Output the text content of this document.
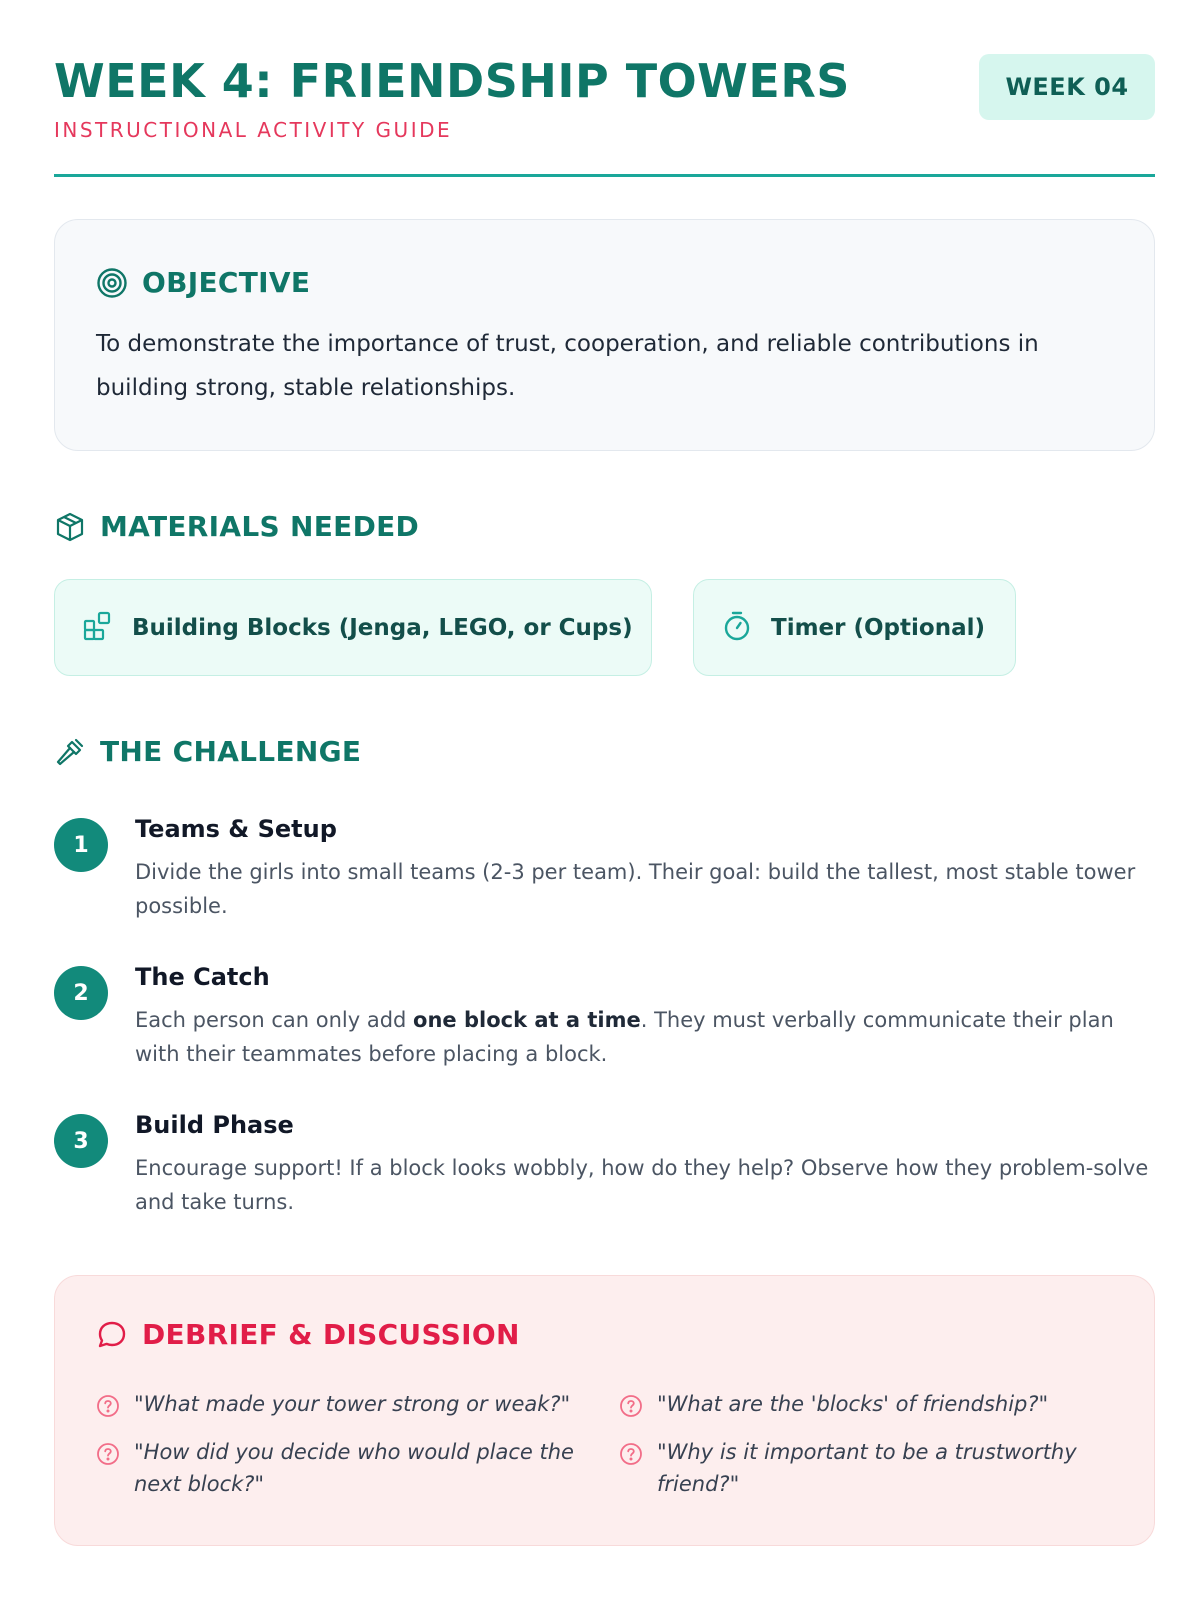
WEEK 4: FRIENDSHIP TOWERS
INSTRUCTIONAL ACTIVITY GUIDE
WEEK 04
OBJECTIVE
To demonstrate the importance of trust, cooperation, and reliable contributions in building strong, stable relationships.
MATERIALS NEEDED
Building Blocks (Jenga, LEGO, or Cups)	Timer (Optional)
THE CHALLENGE
1
Teams & Setup
Divide the girls into small teams (2-3 per team). Their goal: build the tallest, most stable tower possible.
2
The Catch
Each person can only add one block at a time. They must verbally communicate their plan with their teammates before placing a block.
3
Build Phase
Encourage support! If a block looks wobbly, how do they help? Observe how they problem-solve and take turns.
DEBRIEF & DISCUSSION
"What made your tower strong or weak?"
"How did you decide who would place the next block?"
"What are the 'blocks' of friendship?"
"Why is it important to be a trustworthy friend?"
